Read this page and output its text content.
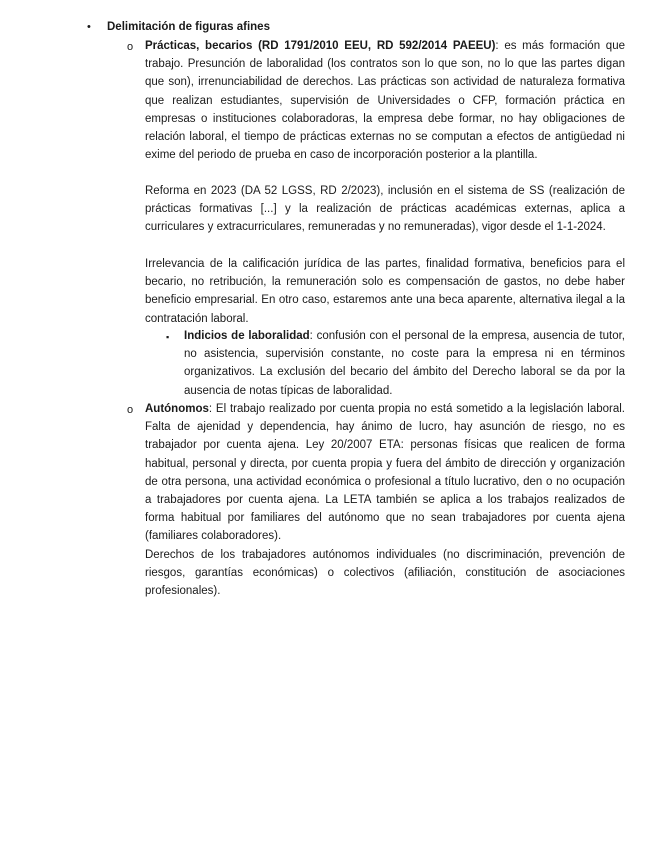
• Delimitación de figuras afines
o Prácticas, becarios (RD 1791/2010 EEU, RD 592/2014 PAEEU): es más formación que trabajo. Presunción de laboralidad (los contratos son lo que son, no lo que las partes digan que son), irrenunciabilidad de derechos. Las prácticas son actividad de naturaleza formativa que realizan estudiantes, supervisión de Universidades o CFP, formación práctica en empresas o instituciones colaboradoras, la empresa debe formar, no hay obligaciones de relación laboral, el tiempo de prácticas externas no se computan a efectos de antigüedad ni exime del periodo de prueba en caso de incorporación posterior a la plantilla.
Reforma en 2023 (DA 52 LGSS, RD 2/2023), inclusión en el sistema de SS (realización de prácticas formativas [...] y la realización de prácticas académicas externas, aplica a curriculares y extracurriculares, remuneradas y no remuneradas), vigor desde el 1-1-2024.
Irrelevancia de la calificación jurídica de las partes, finalidad formativa, beneficios para el becario, no retribución, la remuneración solo es compensación de gastos, no debe haber beneficio empresarial. En otro caso, estaremos ante una beca aparente, alternativa ilegal a la contratación laboral.
▪ Indicios de laboralidad: confusión con el personal de la empresa, ausencia de tutor, no asistencia, supervisión constante, no coste para la empresa ni en términos organizativos. La exclusión del becario del ámbito del Derecho laboral se da por la ausencia de notas típicas de laboralidad.
o Autónomos: El trabajo realizado por cuenta propia no está sometido a la legislación laboral. Falta de ajenidad y dependencia, hay ánimo de lucro, hay asunción de riesgo, no es trabajador por cuenta ajena. Ley 20/2007 ETA: personas físicas que realicen de forma habitual, personal y directa, por cuenta propia y fuera del ámbito de dirección y organización de otra persona, una actividad económica o profesional a título lucrativo, den o no ocupación a trabajadores por cuenta ajena. La LETA también se aplica a los trabajos realizados de forma habitual por familiares del autónomo que no sean trabajadores por cuenta ajena (familiares colaboradores).
Derechos de los trabajadores autónomos individuales (no discriminación, prevención de riesgos, garantías económicas) o colectivos (afiliación, constitución de asociaciones profesionales).
